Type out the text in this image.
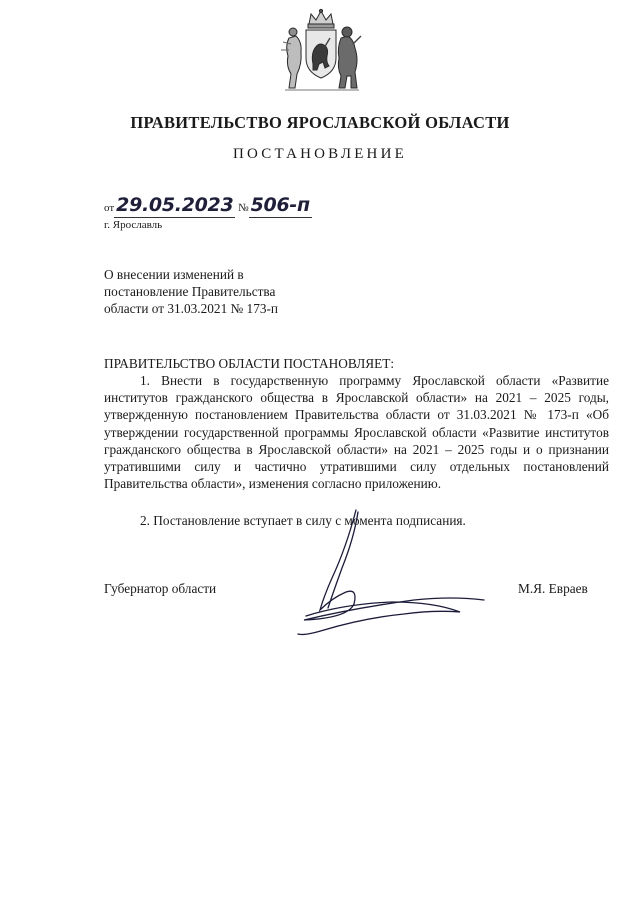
ПРАВИТЕЛЬСТВО ЯРОСЛАВСКОЙ ОБЛАСТИ
ПОСТАНОВЛЕНИЕ
от 29.05.2023 № 506-п
г. Ярославль
О внесении изменений в
постановление Правительства
области от 31.03.2021 № 173-п
ПРАВИТЕЛЬСТВО ОБЛАСТИ ПОСТАНОВЛЯЕТ:
1. Внести в государственную программу Ярославской области «Развитие институтов гражданского общества в Ярославской области» на 2021 – 2025 годы, утвержденную постановлением Правительства области от 31.03.2021 № 173-п «Об утверждении государственной программы Ярославской области «Развитие институтов гражданского общества в Ярославской области» на 2021 – 2025 годы и о признании утратившими силу и частично утратившими силу отдельных постановлений Правительства области», изменения согласно приложению.
2. Постановление вступает в силу с момента подписания.
Губернатор области	М.Я. Евраев
